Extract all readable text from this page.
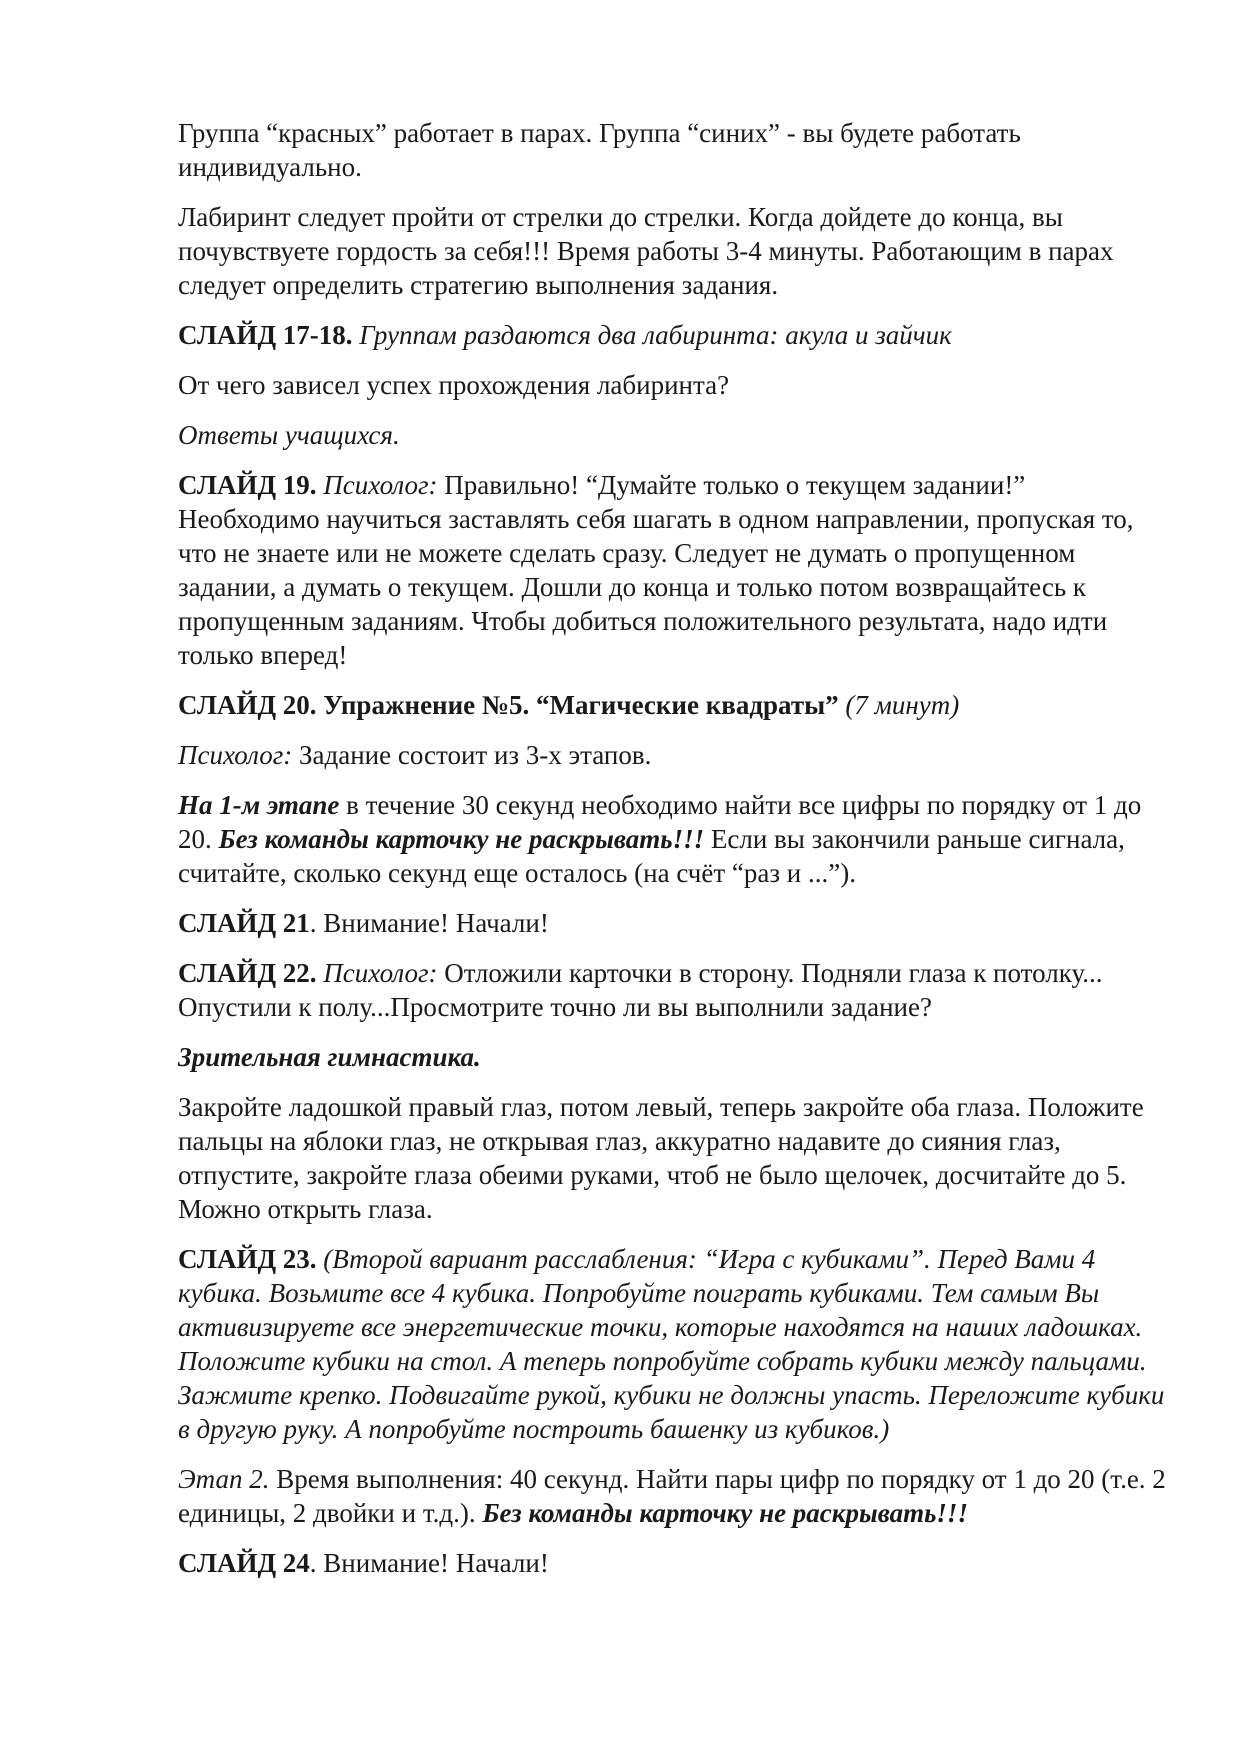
Группа “красных” работает в парах. Группа “синих” - вы будете работать индивидуально.

Лабиринт следует пройти от стрелки до стрелки. Когда дойдете до конца, вы почувствуете гордость за себя!!! Время работы 3-4 минуты. Работающим в парах следует определить стратегию выполнения задания.

СЛАЙД 17-18. Группам раздаются два лабиринта: акула и зайчик

От чего зависел успех прохождения лабиринта?

Ответы учащихся.

СЛАЙД 19. Психолог: Правильно! “Думайте только о текущем задании!” Необходимо научиться заставлять себя шагать в одном направлении, пропуская то, что не знаете или не можете сделать сразу. Следует не думать о пропущенном задании, а думать о текущем. Дошли до конца и только потом возвращайтесь к пропущенным заданиям. Чтобы добиться положительного результата, надо идти только вперед!

СЛАЙД 20. Упражнение №5. “Магические квадраты” (7 минут)

Психолог: Задание состоит из 3-х этапов.

На 1-м этапе в течение 30 секунд необходимо найти все цифры по порядку от 1 до 20. Без команды карточку не раскрывать!!! Если вы закончили раньше сигнала, считайте, сколько секунд еще осталось (на счёт “раз и ...”).

СЛАЙД 21. Внимание! Начали!

СЛАЙД 22. Психолог: Отложили карточки в сторону. Подняли глаза к потолку... Опустили к полу...Просмотрите точно ли вы выполнили задание?

Зрительная гимнастика.

Закройте ладошкой правый глаз, потом левый, теперь закройте оба глаза. Положите пальцы на яблоки глаз, не открывая глаз, аккуратно надавите до сияния глаз, отпустите, закройте глаза обеими руками, чтоб не было щелочек, досчитайте до 5. Можно открыть глаза.

СЛАЙД 23. (Второй вариант расслабления: “Игра с кубиками”. Перед Вами 4 кубика. Возьмите все 4 кубика. Попробуйте поиграть кубиками. Тем самым Вы активизируете все энергетические точки, которые находятся на наших ладошках. Положите кубики на стол. А теперь попробуйте собрать кубики между пальцами. Зажмите крепко. Подвигайте рукой, кубики не должны упасть. Переложите кубики в другую руку. А попробуйте построить башенку из кубиков.)

Этап 2. Время выполнения: 40 секунд. Найти пары цифр по порядку от 1 до 20 (т.е. 2 единицы, 2 двойки и т.д.). Без команды карточку не раскрывать!!!

СЛАЙД 24. Внимание! Начали!
